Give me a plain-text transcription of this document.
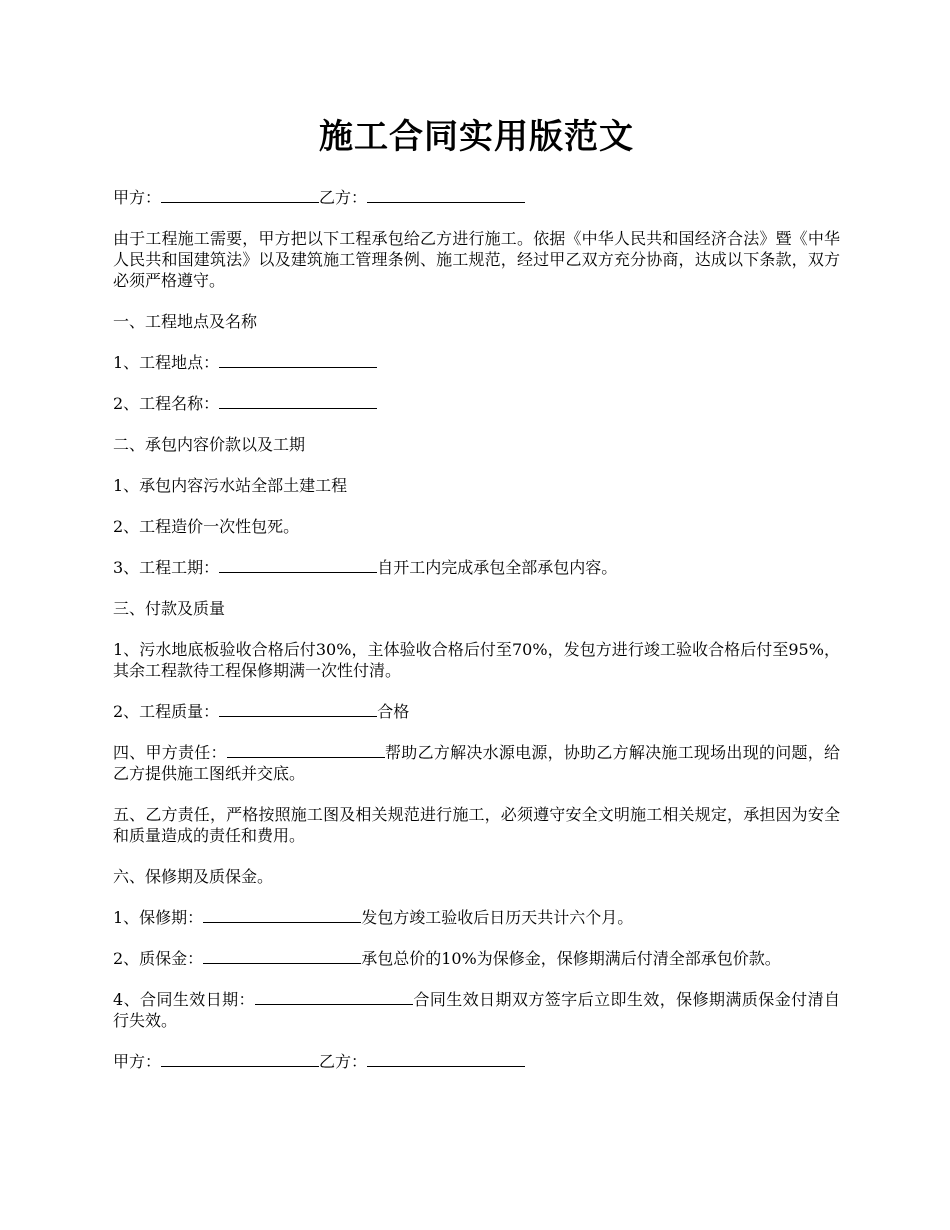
施工合同实用版范文

甲方：	乙方：

由于工程施工需要，甲方把以下工程承包给乙方进行施工。依据《中华人民共和国经济合法》暨《中华人民共和国建筑法》以及建筑施工管理条例、施工规范，经过甲乙双方充分协商，达成以下条款，双方必须严格遵守。

一、工程地点及名称

1、工程地点：

2、工程名称：

二、承包内容价款以及工期

1、承包内容污水站全部土建工程

2、工程造价一次性包死。

3、工程工期：	自开工内完成承包全部承包内容。

三、付款及质量

1、污水地底板验收合格后付30%，主体验收合格后付至70%，发包方进行竣工验收合格后付至95%，其余工程款待工程保修期满一次性付清。

2、工程质量：	合格

四、甲方责任：	帮助乙方解决水源电源，协助乙方解决施工现场出现的问题，给乙方提供施工图纸并交底。

五、乙方责任，严格按照施工图及相关规范进行施工，必须遵守安全文明施工相关规定，承担因为安全和质量造成的责任和费用。

六、保修期及质保金。

1、保修期：	发包方竣工验收后日历天共计六个月。

2、质保金：	承包总价的10%为保修金，保修期满后付清全部承包价款。

4、合同生效日期：	合同生效日期双方签字后立即生效，保修期满质保金付清自行失效。

甲方：	乙方：
